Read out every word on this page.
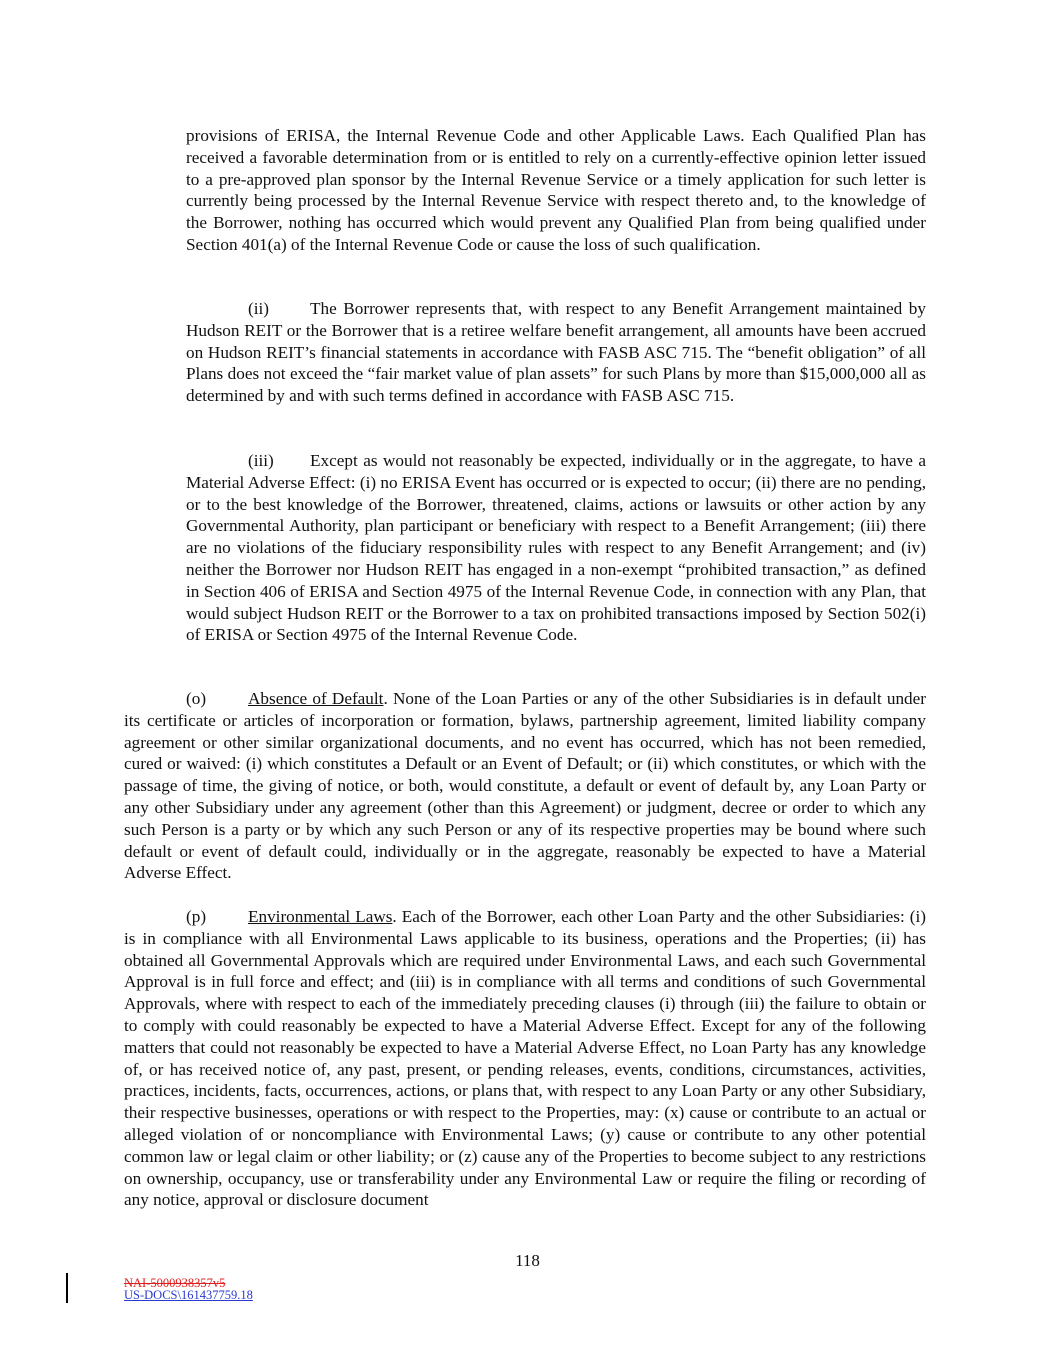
provisions of ERISA, the Internal Revenue Code and other Applicable Laws. Each Qualified Plan has received a favorable determination from or is entitled to rely on a currently-effective opinion letter issued to a pre-approved plan sponsor by the Internal Revenue Service or a timely application for such letter is currently being processed by the Internal Revenue Service with respect thereto and, to the knowledge of the Borrower, nothing has occurred which would prevent any Qualified Plan from being qualified under Section 401(a) of the Internal Revenue Code or cause the loss of such qualification.

(ii) The Borrower represents that, with respect to any Benefit Arrangement maintained by Hudson REIT or the Borrower that is a retiree welfare benefit arrangement, all amounts have been accrued on Hudson REIT’s financial statements in accordance with FASB ASC 715. The “benefit obligation” of all Plans does not exceed the “fair market value of plan assets” for such Plans by more than $15,000,000 all as determined by and with such terms defined in accordance with FASB ASC 715.

(iii) Except as would not reasonably be expected, individually or in the aggregate, to have a Material Adverse Effect: (i) no ERISA Event has occurred or is expected to occur; (ii) there are no pending, or to the best knowledge of the Borrower, threatened, claims, actions or lawsuits or other action by any Governmental Authority, plan participant or beneficiary with respect to a Benefit Arrangement; (iii) there are no violations of the fiduciary responsibility rules with respect to any Benefit Arrangement; and (iv) neither the Borrower nor Hudson REIT has engaged in a non-exempt “prohibited transaction,” as defined in Section 406 of ERISA and Section 4975 of the Internal Revenue Code, in connection with any Plan, that would subject Hudson REIT or the Borrower to a tax on prohibited transactions imposed by Section 502(i) of ERISA or Section 4975 of the Internal Revenue Code.

(o) Absence of Default. None of the Loan Parties or any of the other Subsidiaries is in default under its certificate or articles of incorporation or formation, bylaws, partnership agreement, limited liability company agreement or other similar organizational documents, and no event has occurred, which has not been remedied, cured or waived: (i) which constitutes a Default or an Event of Default; or (ii) which constitutes, or which with the passage of time, the giving of notice, or both, would constitute, a default or event of default by, any Loan Party or any other Subsidiary under any agreement (other than this Agreement) or judgment, decree or order to which any such Person is a party or by which any such Person or any of its respective properties may be bound where such default or event of default could, individually or in the aggregate, reasonably be expected to have a Material Adverse Effect.

(p) Environmental Laws. Each of the Borrower, each other Loan Party and the other Subsidiaries: (i) is in compliance with all Environmental Laws applicable to its business, operations and the Properties; (ii) has obtained all Governmental Approvals which are required under Environmental Laws, and each such Governmental Approval is in full force and effect; and (iii) is in compliance with all terms and conditions of such Governmental Approvals, where with respect to each of the immediately preceding clauses (i) through (iii) the failure to obtain or to comply with could reasonably be expected to have a Material Adverse Effect. Except for any of the following matters that could not reasonably be expected to have a Material Adverse Effect, no Loan Party has any knowledge of, or has received notice of, any past, present, or pending releases, events, conditions, circumstances, activities, practices, incidents, facts, occurrences, actions, or plans that, with respect to any Loan Party or any other Subsidiary, their respective businesses, operations or with respect to the Properties, may: (x) cause or contribute to an actual or alleged violation of or noncompliance with Environmental Laws; (y) cause or contribute to any other potential common law or legal claim or other liability; or (z) cause any of the Properties to become subject to any restrictions on ownership, occupancy, use or transferability under any Environmental Law or require the filing or recording of any notice, approval or disclosure document

118
NAI-5000938357v5
US-DOCS\161437759.18
